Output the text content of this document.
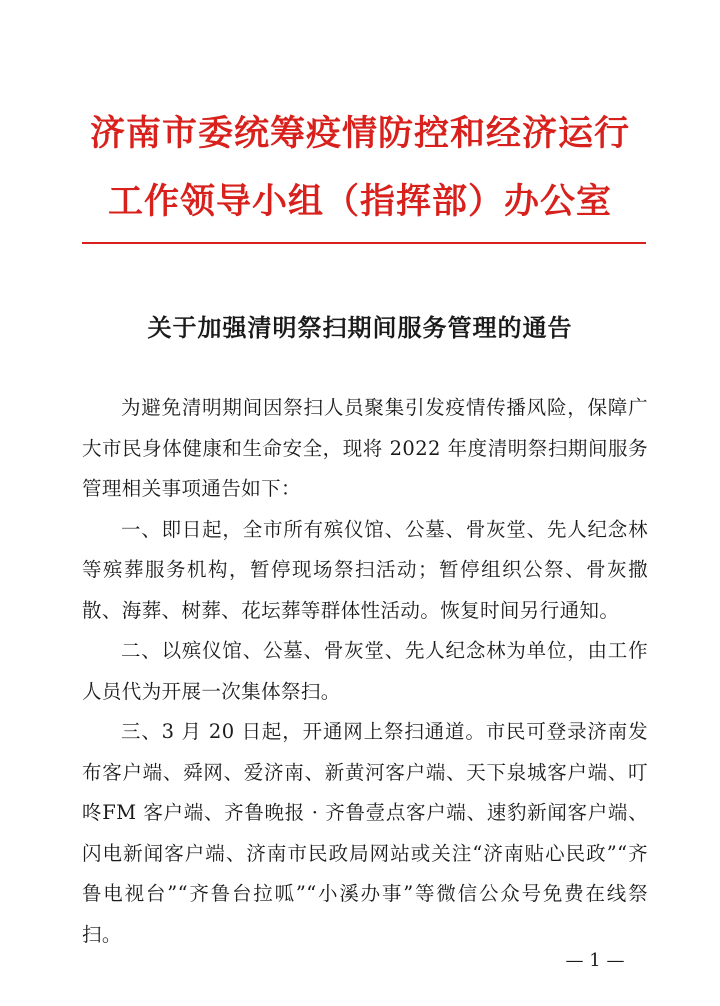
济南市委统筹疫情防控和经济运行
工作领导小组（指挥部）办公室
关于加强清明祭扫期间服务管理的通告

为避免清明期间因祭扫人员聚集引发疫情传播风险，保障广大市民身体健康和生命安全，现将 2022 年度清明祭扫期间服务管理相关事项通告如下：

一、即日起，全市所有殡仪馆、公墓、骨灰堂、先人纪念林等殡葬服务机构，暂停现场祭扫活动；暂停组织公祭、骨灰撒散、海葬、树葬、花坛葬等群体性活动。恢复时间另行通知。

二、以殡仪馆、公墓、骨灰堂、先人纪念林为单位，由工作人员代为开展一次集体祭扫。

三、3 月 20 日起，开通网上祭扫通道。市民可登录济南发布客户端、舜网、爱济南、新黄河客户端、天下泉城客户端、叮咚FM 客户端、齐鲁晚报 · 齐鲁壹点客户端、速豹新闻客户端、闪电新闻客户端、济南市民政局网站或关注“济南贴心民政”“齐鲁电视台”“齐鲁台拉呱”“小溪办事”等微信公众号免费在线祭扫。

— 1 —
